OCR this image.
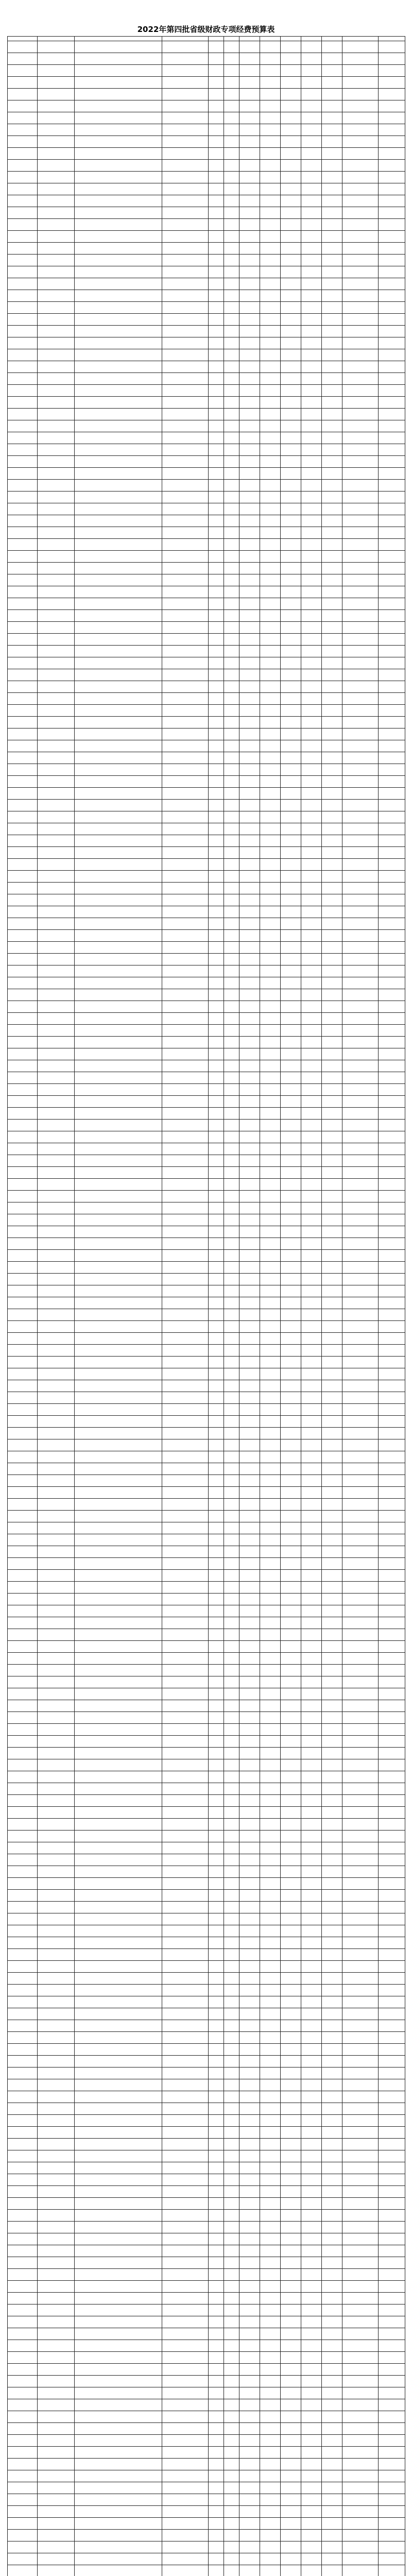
2022年第四批省级财政专项经费预算表
